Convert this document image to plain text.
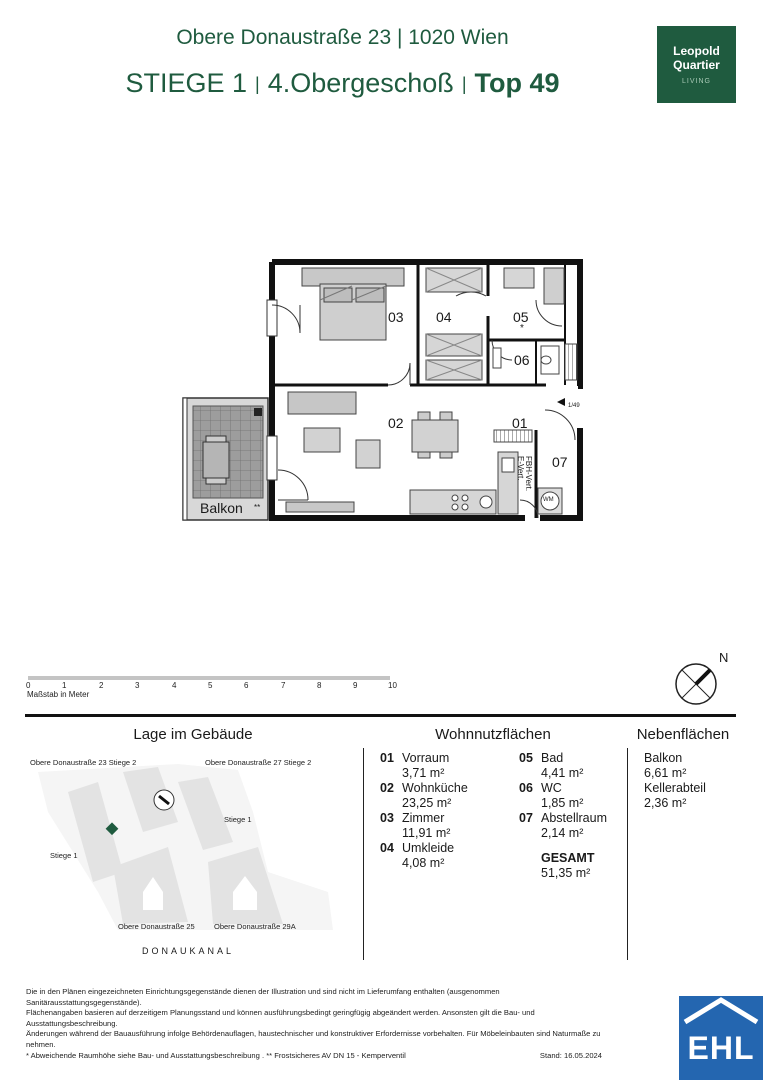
Obere Donaustraße 23 | 1020 Wien
STIEGE 1 | 4.Obergeschoß | Top 49
Leopold
Quartier
LIVING
03 04	05
*
06
02	01
07
1/49
Balkon **
FBH-Vert.
E-Vert.
WM
0	1	2	3	4	5	6	7	8	9	10
Maßstab in Meter
N
Lage im Gebäude
Obere Donaustraße 23 Stiege 2	Obere Donaustraße 27 Stiege 2
Stiege 1
Stiege 1
Obere Donaustraße 25	Obere Donaustraße 29A
DONAUKANAL
Wohnnutzflächen
01 Vorraum
3,71 m²
02 Wohnküche
23,25 m²
03 Zimmer
11,91 m²
04 Umkleide
4,08 m²
05 Bad
4,41 m²
06 WC
1,85 m²
07 Abstellraum
2,14 m²
GESAMT
51,35 m²
Nebenflächen
Balkon
6,61 m²
Kellerabteil
2,36 m²
Die in den Plänen eingezeichneten Einrichtungsgegenstände dienen der Illustration und sind nicht im Lieferumfang enthalten (ausgenommen Sanitärausstattungsgegenstände).
Flächenangaben basieren auf derzeitigem Planungsstand und können ausführungsbedingt geringfügig abgeändert werden. Ansonsten gilt die Bau- und Ausstattungsbeschreibung.
Änderungen während der Bauausführung infolge Behördenauflagen, haustechnischer und konstruktiver Erfordernisse vorbehalten. Für Möbeleinbauten sind Naturmaße zu nehmen.
* Abweichende Raumhöhe siehe Bau- und Ausstattungsbeschreibung . ** Frostsicheres AV DN 15 - Kemperventil	Stand: 16.05.2024	EHL
